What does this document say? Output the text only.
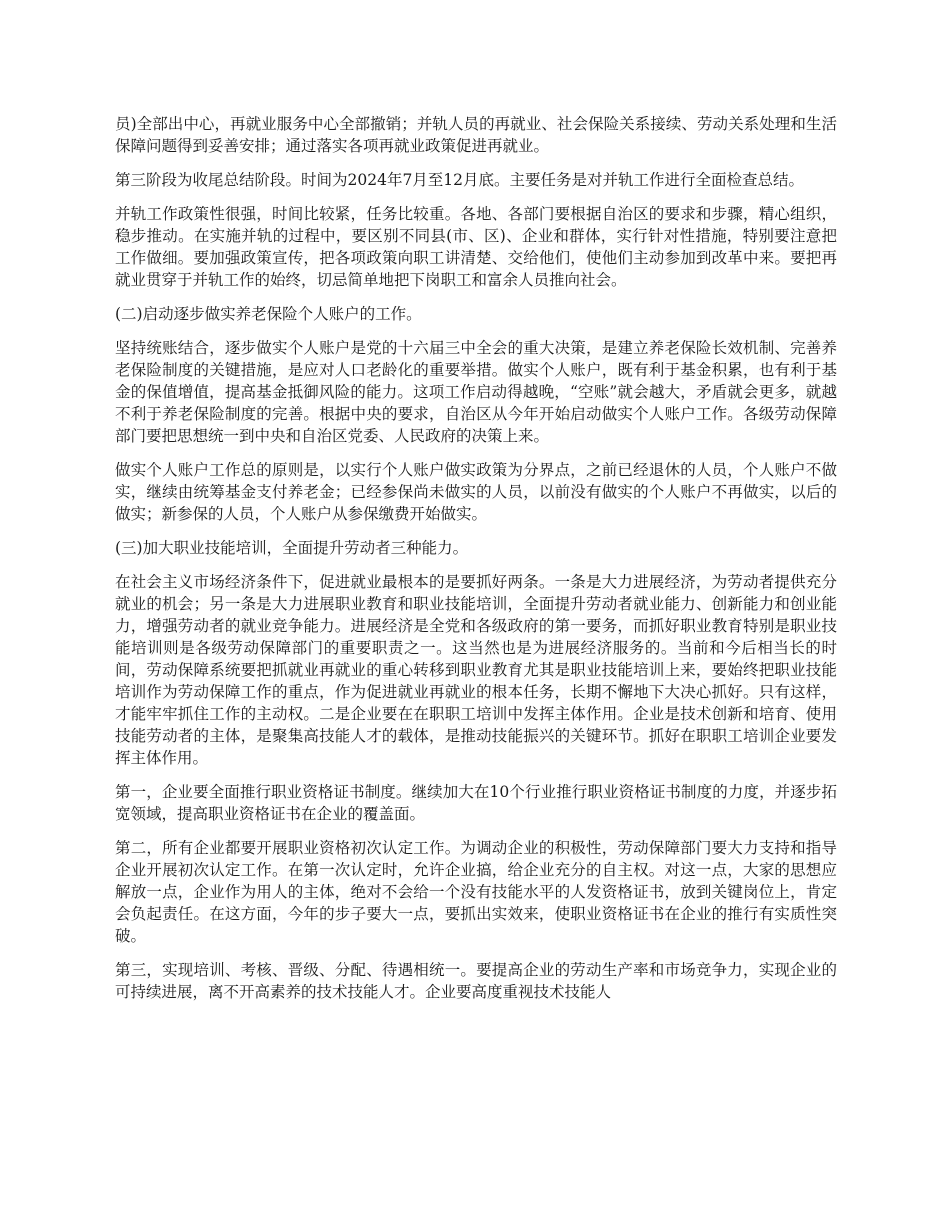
员)全部出中心，再就业服务中心全部撤销；并轨人员的再就业、社会保险关系接续、劳动关系处理和生活保障问题得到妥善安排；通过落实各项再就业政策促进再就业。

第三阶段为收尾总结阶段。时间为2024年7月至12月底。主要任务是对并轨工作进行全面检查总结。

并轨工作政策性很强，时间比较紧，任务比较重。各地、各部门要根据自治区的要求和步骤，精心组织，稳步推动。在实施并轨的过程中，要区别不同县(市、区)、企业和群体，实行针对性措施，特别要注意把工作做细。要加强政策宣传，把各项政策向职工讲清楚、交给他们，使他们主动参加到改革中来。要把再就业贯穿于并轨工作的始终，切忌简单地把下岗职工和富余人员推向社会。

(二)启动逐步做实养老保险个人账户的工作。

坚持统账结合，逐步做实个人账户是党的十六届三中全会的重大决策，是建立养老保险长效机制、完善养老保险制度的关键措施，是应对人口老龄化的重要举措。做实个人账户，既有利于基金积累，也有利于基金的保值增值，提高基金抵御风险的能力。这项工作启动得越晚，“空账”就会越大，矛盾就会更多，就越不利于养老保险制度的完善。根据中央的要求，自治区从今年开始启动做实个人账户工作。各级劳动保障部门要把思想统一到中央和自治区党委、人民政府的决策上来。

做实个人账户工作总的原则是，以实行个人账户做实政策为分界点，之前已经退休的人员，个人账户不做实，继续由统筹基金支付养老金；已经参保尚未做实的人员，以前没有做实的个人账户不再做实，以后的做实；新参保的人员，个人账户从参保缴费开始做实。

(三)加大职业技能培训，全面提升劳动者三种能力。

在社会主义市场经济条件下，促进就业最根本的是要抓好两条。一条是大力进展经济，为劳动者提供充分就业的机会；另一条是大力进展职业教育和职业技能培训，全面提升劳动者就业能力、创新能力和创业能力，增强劳动者的就业竞争能力。进展经济是全党和各级政府的第一要务，而抓好职业教育特别是职业技能培训则是各级劳动保障部门的重要职责之一。这当然也是为进展经济服务的。当前和今后相当长的时间，劳动保障系统要把抓就业再就业的重心转移到职业教育尤其是职业技能培训上来，要始终把职业技能培训作为劳动保障工作的重点，作为促进就业再就业的根本任务，长期不懈地下大决心抓好。只有这样，才能牢牢抓住工作的主动权。二是企业要在在职职工培训中发挥主体作用。企业是技术创新和培育、使用技能劳动者的主体，是聚集高技能人才的载体，是推动技能振兴的关键环节。抓好在职职工培训企业要发挥主体作用。

第一，企业要全面推行职业资格证书制度。继续加大在10个行业推行职业资格证书制度的力度，并逐步拓宽领域，提高职业资格证书在企业的覆盖面。

第二，所有企业都要开展职业资格初次认定工作。为调动企业的积极性，劳动保障部门要大力支持和指导企业开展初次认定工作。在第一次认定时，允许企业搞，给企业充分的自主权。对这一点，大家的思想应解放一点，企业作为用人的主体，绝对不会给一个没有技能水平的人发资格证书，放到关键岗位上，肯定会负起责任。在这方面，今年的步子要大一点，要抓出实效来，使职业资格证书在企业的推行有实质性突破。

第三，实现培训、考核、晋级、分配、待遇相统一。要提高企业的劳动生产率和市场竞争力，实现企业的可持续进展，离不开高素养的技术技能人才。企业要高度重视技术技能人
